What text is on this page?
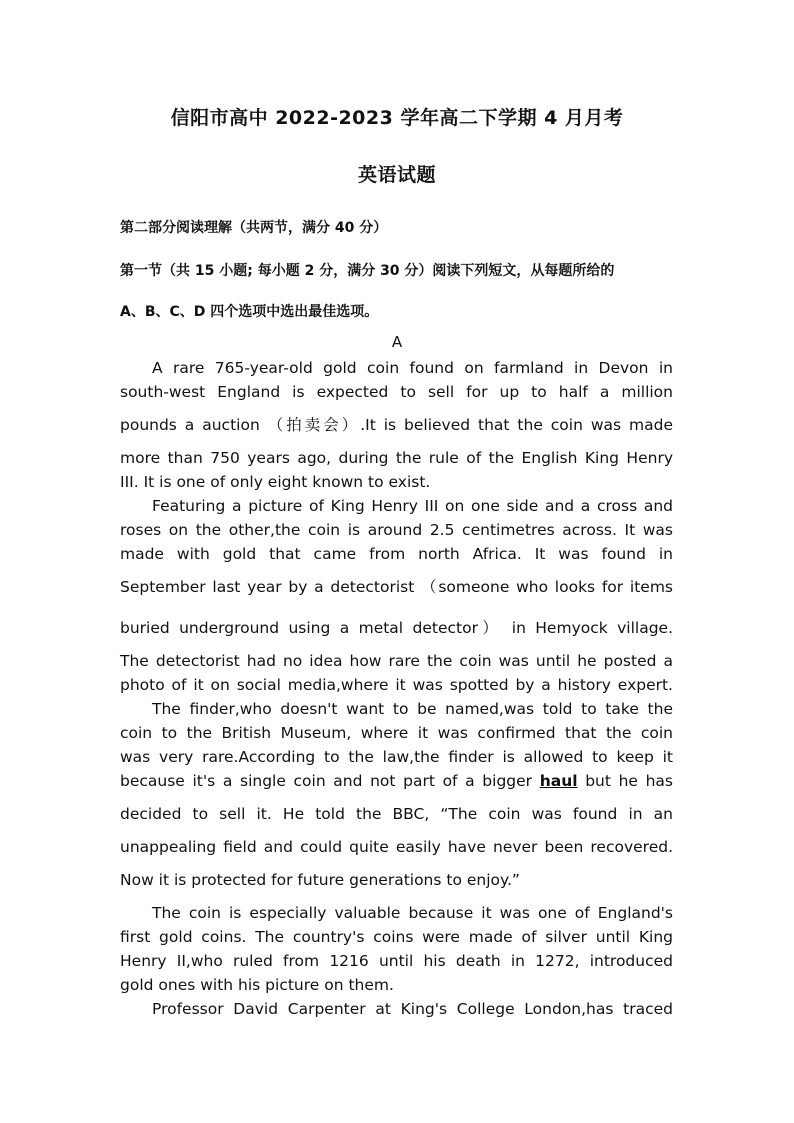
信阳市高中 2022-2023 学年高二下学期 4 月月考
英语试题
第二部分阅读理解（共两节，满分 40 分）
第一节（共 15 小题; 每小题 2 分，满分 30 分）阅读下列短文，从每题所给的
A、B、C、D 四个选项中选出最佳选项。
A
A rare 765-year-old gold coin found on farmland in Devon in
south-west England is expected to sell for up to half a million
pounds a auction （拍卖会）.It is believed that the coin was made
more than 750 years ago, during the rule of the English King Henry
III. It is one of only eight known to exist.
Featuring a picture of King Henry III on one side and a cross and
roses on the other,the coin is around 2.5 centimetres across. It was
made with gold that came from north Africa. It was found in
September last year by a detectorist （someone who looks for items
buried underground using a metal detector） in Hemyock village.
The detectorist had no idea how rare the coin was until he posted a
photo of it on social media,where it was spotted by a history expert.
The finder,who doesn't want to be named,was told to take the
coin to the British Museum, where it was confirmed that the coin
was very rare.According to the law,the finder is allowed to keep it
because it's a single coin and not part of a bigger haul but he has
decided to sell it. He told the BBC, “The coin was found in an
unappealing field and could quite easily have never been recovered.
Now it is protected for future generations to enjoy.”
The coin is especially valuable because it was one of England's
first gold coins. The country's coins were made of silver until King
Henry II,who ruled from 1216 until his death in 1272, introduced
gold ones with his picture on them.
Professor David Carpenter at King's College London,has traced
